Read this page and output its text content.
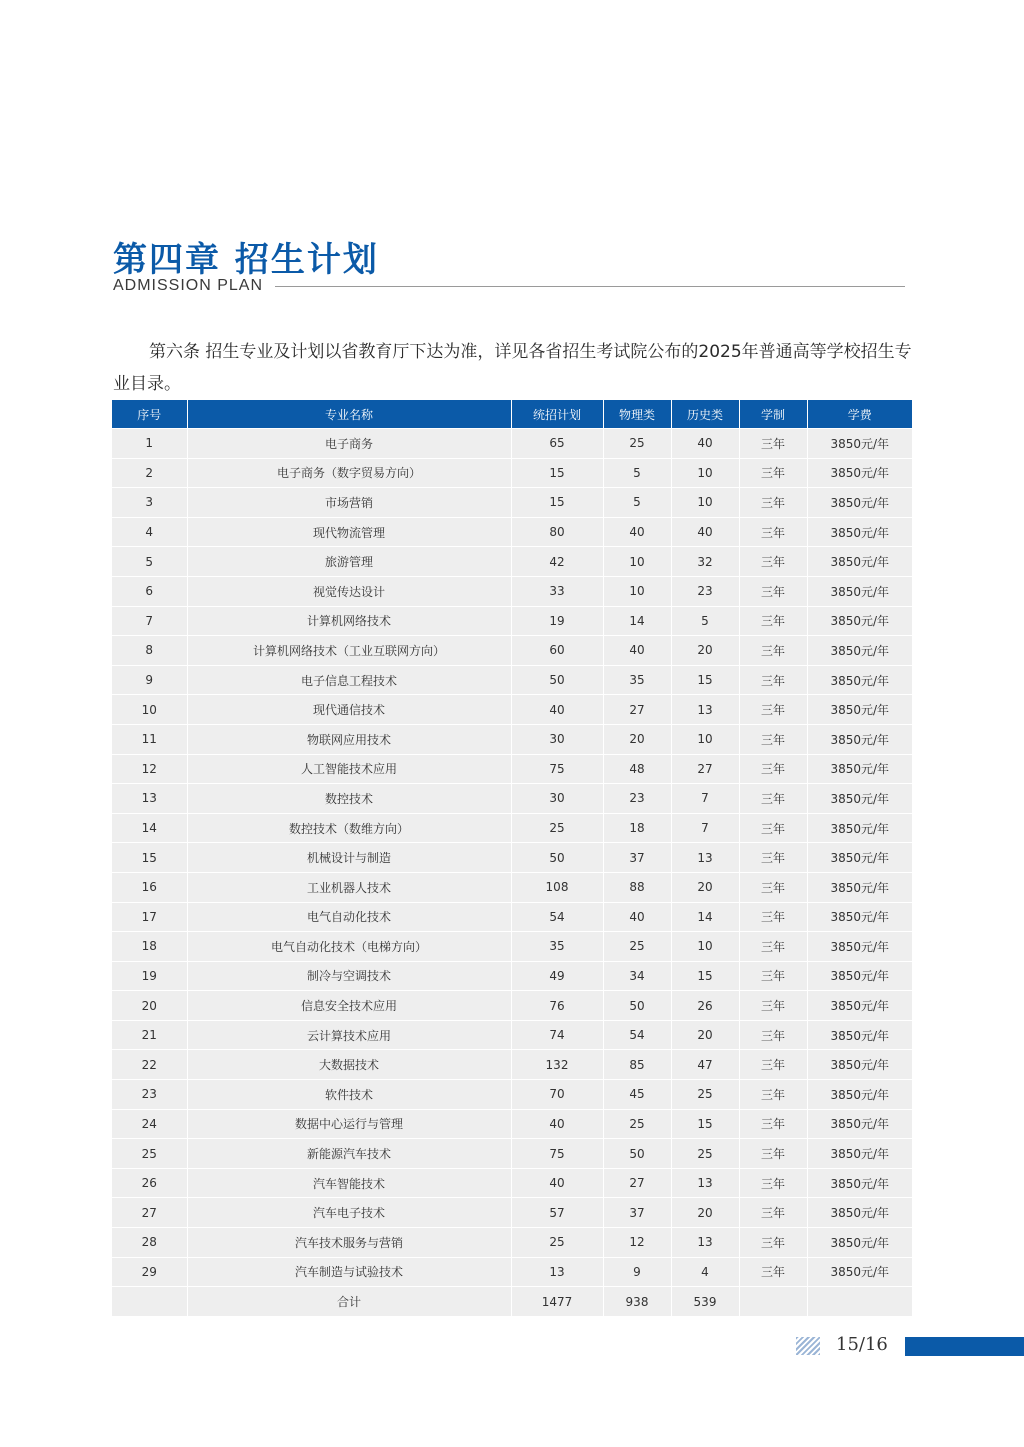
第四章 招生计划
ADMISSION PLAN

第六条 招生专业及计划以省教育厅下达为准，详见各省招生考试院公布的2025年普通高等学校招生专业目录。

序号	专业名称	统招计划	物理类	历史类	学制	学费
1	电子商务	65	25	40	三年	3850元/年
2	电子商务（数字贸易方向）	15	5	10	三年	3850元/年
3	市场营销	15	5	10	三年	3850元/年
4	现代物流管理	80	40	40	三年	3850元/年
5	旅游管理	42	10	32	三年	3850元/年
6	视觉传达设计	33	10	23	三年	3850元/年
7	计算机网络技术	19	14	5	三年	3850元/年
8	计算机网络技术（工业互联网方向）	60	40	20	三年	3850元/年
9	电子信息工程技术	50	35	15	三年	3850元/年
10	现代通信技术	40	27	13	三年	3850元/年
11	物联网应用技术	30	20	10	三年	3850元/年
12	人工智能技术应用	75	48	27	三年	3850元/年
13	数控技术	30	23	7	三年	3850元/年
14	数控技术（数维方向）	25	18	7	三年	3850元/年
15	机械设计与制造	50	37	13	三年	3850元/年
16	工业机器人技术	108	88	20	三年	3850元/年
17	电气自动化技术	54	40	14	三年	3850元/年
18	电气自动化技术（电梯方向）	35	25	10	三年	3850元/年
19	制冷与空调技术	49	34	15	三年	3850元/年
20	信息安全技术应用	76	50	26	三年	3850元/年
21	云计算技术应用	74	54	20	三年	3850元/年
22	大数据技术	132	85	47	三年	3850元/年
23	软件技术	70	45	25	三年	3850元/年
24	数据中心运行与管理	40	25	15	三年	3850元/年
25	新能源汽车技术	75	50	25	三年	3850元/年
26	汽车智能技术	40	27	13	三年	3850元/年
27	汽车电子技术	57	37	20	三年	3850元/年
28	汽车技术服务与营销	25	12	13	三年	3850元/年
29	汽车制造与试验技术	13	9	4	三年	3850元/年
	合计	1477	938	539		
15/16
